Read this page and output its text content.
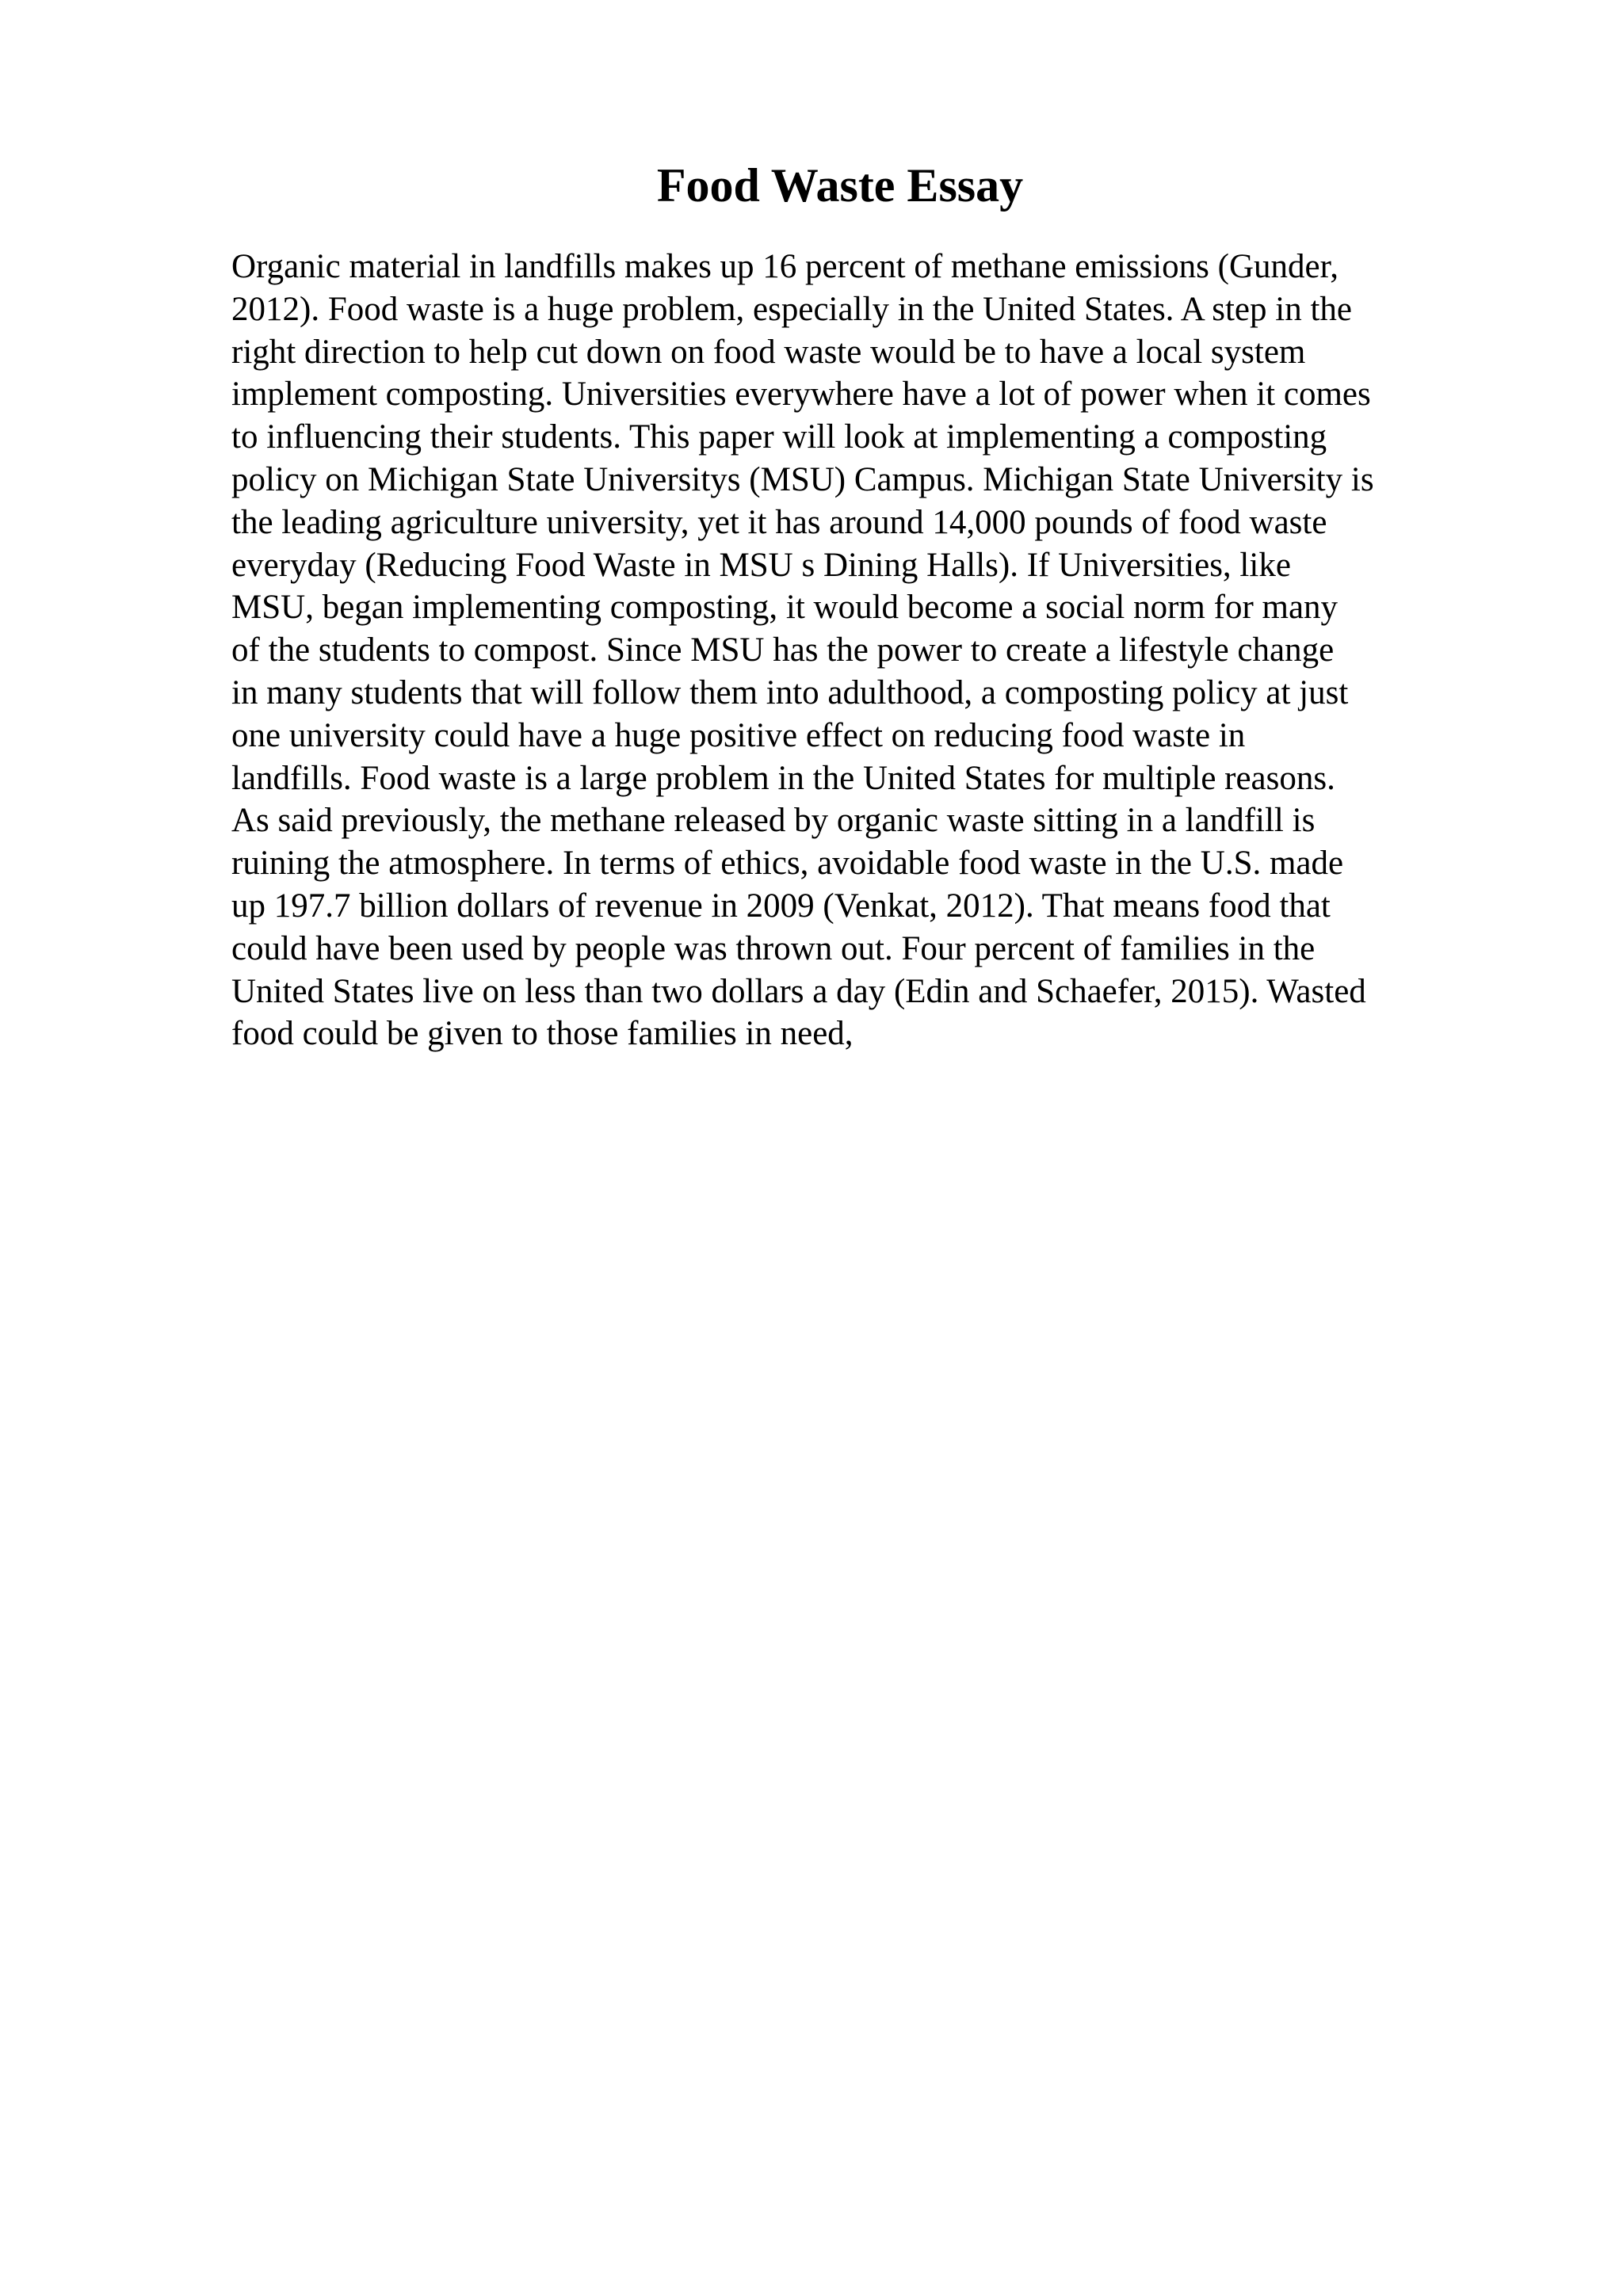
Food Waste Essay
Organic material in landfills makes up 16 percent of methane emissions (Gunder,
2012). Food waste is a huge problem, especially in the United States. A step in the
right direction to help cut down on food waste would be to have a local system
implement composting. Universities everywhere have a lot of power when it comes
to influencing their students. This paper will look at implementing a composting
policy on Michigan State Universitys (MSU) Campus. Michigan State University is
the leading agriculture university, yet it has around 14,000 pounds of food waste
everyday (Reducing Food Waste in MSU s Dining Halls). If Universities, like
MSU, began implementing composting, it would become a social norm for many
of the students to compost. Since MSU has the power to create a lifestyle change
in many students that will follow them into adulthood, a composting policy at just
one university could have a huge positive effect on reducing food waste in
landfills. Food waste is a large problem in the United States for multiple reasons.
As said previously, the methane released by organic waste sitting in a landfill is
ruining the atmosphere. In terms of ethics, avoidable food waste in the U.S. made
up 197.7 billion dollars of revenue in 2009 (Venkat, 2012). That means food that
could have been used by people was thrown out. Four percent of families in the
United States live on less than two dollars a day (Edin and Schaefer, 2015). Wasted
food could be given to those families in need,
